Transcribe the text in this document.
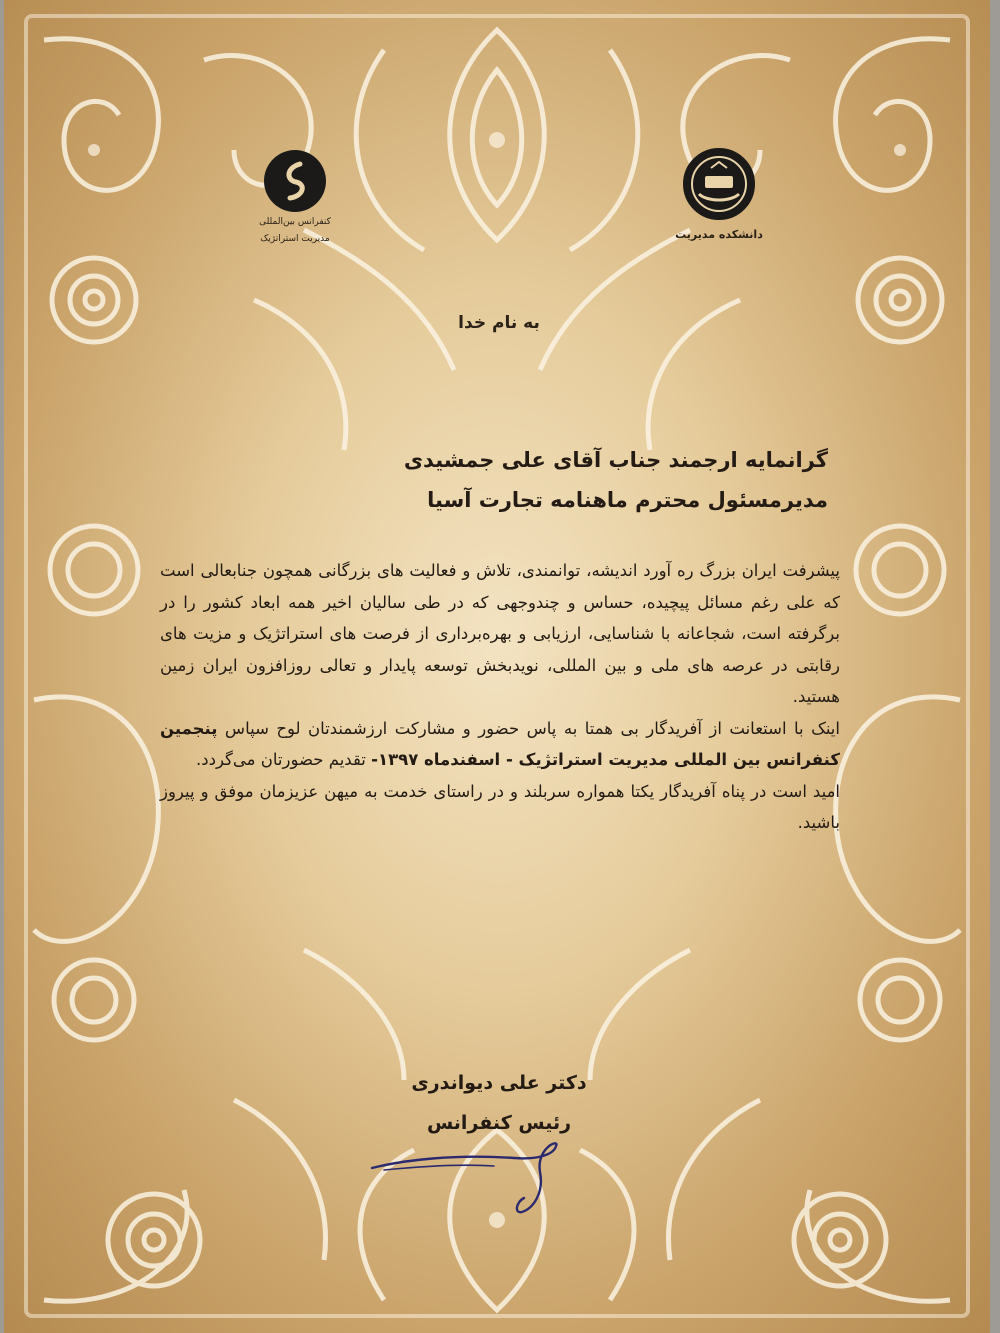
کنفرانس بین‌المللی
مدیریت استراتژیک	دانشکده مدیریت
به نام خدا
گرانمایه ارجمند جناب آقای علی جمشیدی
مدیرمسئول محترم ماهنامه تجارت آسیا

پیشرفت ایران بزرگ ره آورد اندیشه، توانمندی، تلاش و فعالیت های بزرگانی همچون جنابعالی است که علی رغم مسائل پیچیده، حساس و چندوجهی که در طی سالیان اخیر همه ابعاد کشور را در برگرفته است، شجاعانه با شناسایی، ارزیابی و بهره‌برداری از فرصت های استراتژیک و مزیت های رقابتی در عرصه های ملی و بین المللی، نویدبخش توسعه پایدار و تعالی روزافزون ایران زمین هستید.

اینک با استعانت از آفریدگار بی همتا به پاس حضور و مشارکت ارزشمندتان لوح سپاس پنجمین کنفرانس بین المللی مدیریت استراتژیک - اسفندماه ۱۳۹۷- تقدیم حضورتان می‌گردد.

امید است در پناه آفریدگار یکتا همواره سربلند و در راستای خدمت به میهن عزیزمان موفق و پیروز باشید.

دکتر علی دیواندری
رئیس کنفرانس
